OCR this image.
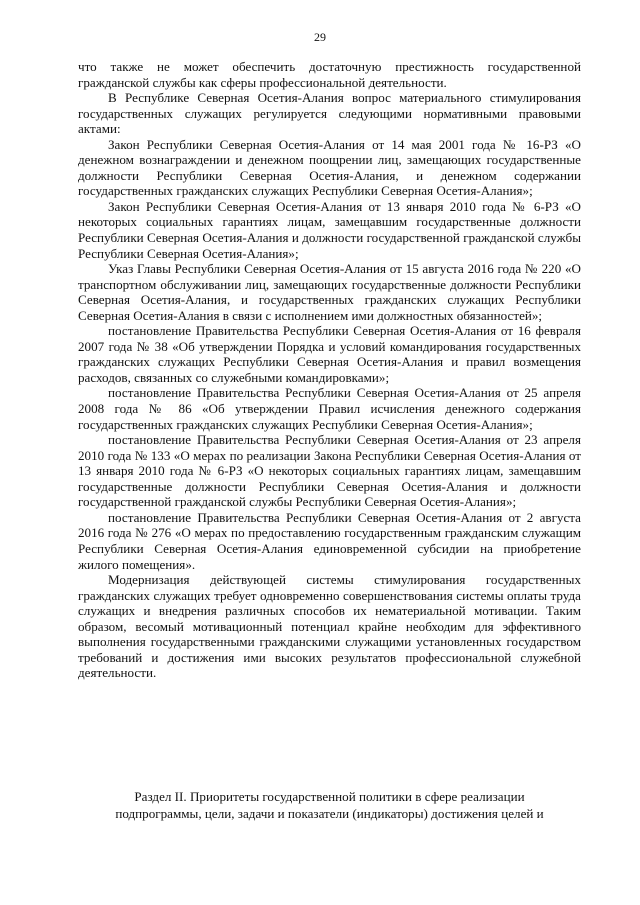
29

что также не может обеспечить достаточную престижность государственной гражданской службы как сферы профессиональной деятельности.

В Республике Северная Осетия-Алания вопрос материального стимулирования государственных служащих регулируется следующими нормативными правовыми актами:

Закон Республики Северная Осетия-Алания от 14 мая 2001 года № 16-РЗ «О денежном вознаграждении и денежном поощрении лиц, замещающих государственные должности Республики Северная Осетия-Алания, и денежном содержании государственных гражданских служащих Республики Северная Осетия-Алания»;

Закон Республики Северная Осетия-Алания от 13 января 2010 года № 6-РЗ «О некоторых социальных гарантиях лицам, замещавшим государственные должности Республики Северная Осетия-Алания и должности государственной гражданской службы Республики Северная Осетия-Алания»;

Указ Главы Республики Северная Осетия-Алания от 15 августа 2016 года № 220 «О транспортном обслуживании лиц, замещающих государственные должности Республики Северная Осетия-Алания, и государственных гражданских служащих Республики Северная Осетия-Алания в связи с исполнением ими должностных обязанностей»;

постановление Правительства Республики Северная Осетия-Алания от 16 февраля 2007 года № 38 «Об утверждении Порядка и условий командирования государственных гражданских служащих Республики Северная Осетия-Алания и правил возмещения расходов, связанных со служебными командировками»;

постановление Правительства Республики Северная Осетия-Алания от 25 апреля 2008 года № 86 «Об утверждении Правил исчисления денежного содержания государственных гражданских служащих Республики Северная Осетия-Алания»;

постановление Правительства Республики Северная Осетия-Алания от 23 апреля 2010 года № 133 «О мерах по реализации Закона Республики Северная Осетия-Алания от 13 января 2010 года № 6-РЗ «О некоторых социальных гарантиях лицам, замещавшим государственные должности Республики Северная Осетия-Алания и должности государственной гражданской службы Республики Северная Осетия-Алания»;

постановление Правительства Республики Северная Осетия-Алания от 2 августа 2016 года № 276 «О мерах по предоставлению государственным гражданским служащим Республики Северная Осетия-Алания единовременной субсидии на приобретение жилого помещения».

Модернизация действующей системы стимулирования государственных гражданских служащих требует одновременно совершенствования системы оплаты труда служащих и внедрения различных способов их нематериальной мотивации. Таким образом, весомый мотивационный потенциал крайне необходим для эффективного выполнения государственными гражданскими служащими установленных государством требований и достижения ими высоких результатов профессиональной служебной деятельности.

Раздел II. Приоритеты государственной политики в сфере реализации

подпрограммы, цели, задачи и показатели (индикаторы) достижения целей и
